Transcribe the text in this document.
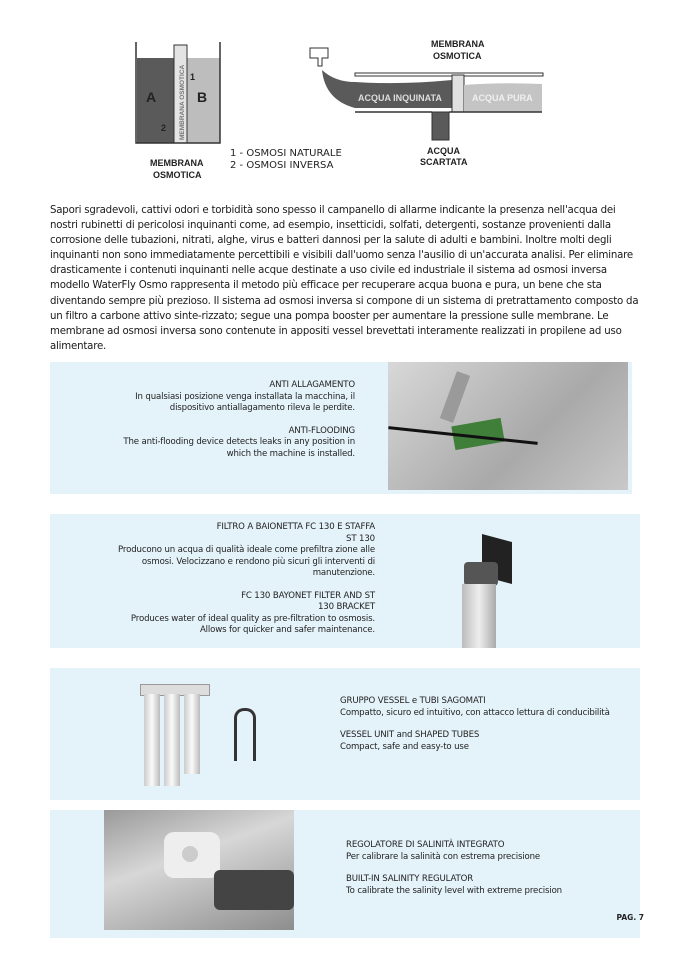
A	B
1
2 MEMBRANA OSMOTICA
MEMBRANA
OSMOTICA
1 - OSMOSI NATURALE
2 - OSMOSI INVERSA
ACQUA INQUINATA	ACQUA PURA
MEMBRANA
OSMOTICA
ACQUA
SCARTATA
Sapori sgradevoli, cattivi odori e torbidità sono spesso il campanello di allarme indicante la presenza nell'acqua dei nostri rubinetti di pericolosi inquinanti come, ad esempio, insetticidi, solfati, detergenti, sostanze provenienti dalla corrosione delle tubazioni, nitrati, alghe, virus e batteri dannosi per la salute di adulti e bambini. Inoltre molti degli inquinanti non sono immediatamente percettibili e visibili dall'uomo senza l'ausilio di un'accurata analisi. Per eliminare drasticamente i contenuti inquinanti nelle acque destinate a uso civile ed industriale il sistema ad osmosi inversa modello WaterFly Osmo rappresenta il metodo più efficace per recuperare acqua buona e pura, un bene che sta diventando sempre più prezioso. Il sistema ad osmosi inversa si compone di un sistema di pretrattamento composto da un filtro a carbone attivo sinte-rizzato; segue una pompa booster per aumentare la pressione sulle membrane. Le membrane ad osmosi inversa sono contenute in appositi vessel brevettati interamente realizzati in propilene ad uso alimentare.

ANTI ALLAGAMENTO
In qualsiasi posizione venga installata la macchina, il dispositivo antiallagamento rileva le perdite.

ANTI-FLOODING
The anti-flooding device detects leaks in any position in which the machine is installed.

FILTRO A BAIONETTA FC 130 E STAFFA ST 130
Producono un acqua di qualità ideale come prefiltra zione alle osmosi. Velocizzano e rendono più sicuri gli interventi di manutenzione.

FC 130 BAYONET FILTER AND ST 130 BRACKET
Produces water of ideal quality as pre-filtration to osmosis. Allows for quicker and safer maintenance.

GRUPPO VESSEL e TUBI SAGOMATI
Compatto, sicuro ed intuitivo, con attacco lettura di conducibilità

VESSEL UNIT and SHAPED TUBES
Compact, safe and easy-to use

REGOLATORE DI SALINITÀ INTEGRATO
Per calibrare la salinità con estrema precisione

BUILT-IN SALINITY REGULATOR
To calibrate the salinity level with extreme precision

PAG. 7
